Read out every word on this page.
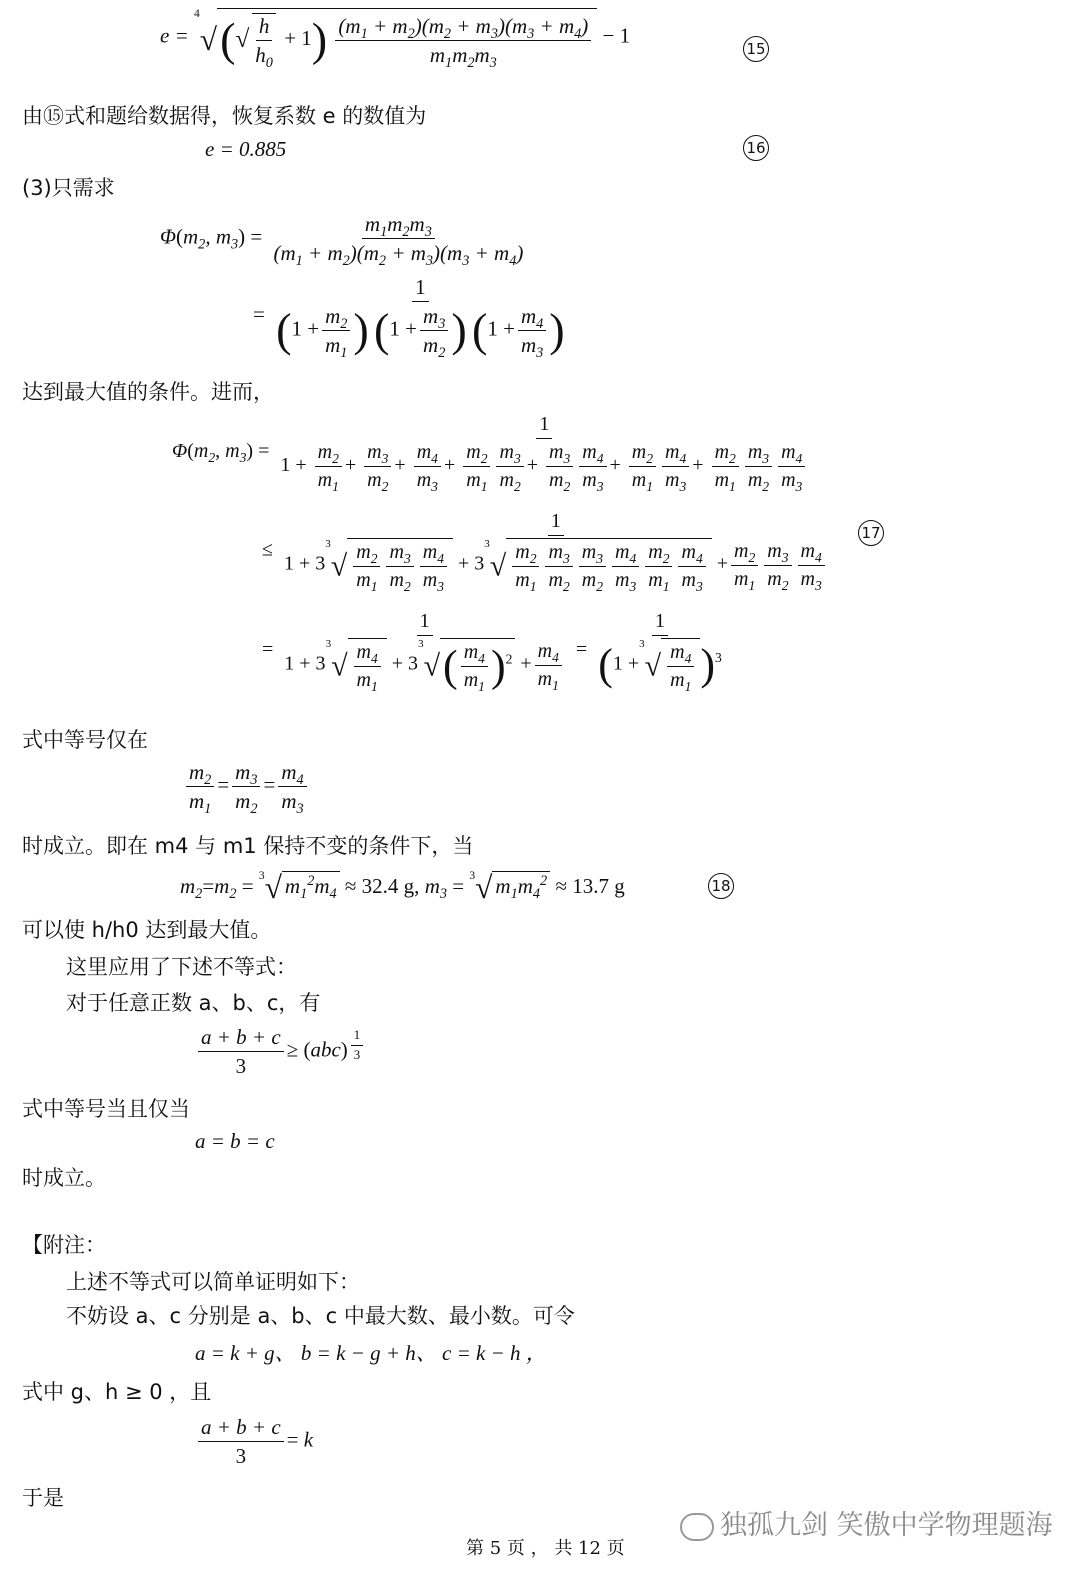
$e = ^4√(√ \frac{h}{h_0} + 1) \frac{(m_1 + m_2)(m_2 + m_3)(m_3 + m_4)}{m_1m_2m_3} - 1$
15
由⑮式和题给数据得，恢复系数 e 的数值为
e = 0.885	16
(3)只需求
$\Phi(m_2$, $m_3) = \frac{m_1m_2m_3}{(m_1 + m_2)(m_2 + m_3)(m_3 + m_4)}$
= $\frac{1}{(1 + \frac{m_2}{m_1} ) (1 + \frac{m_3}{m_2} ) (1 + \frac{m_4}{m_3} )}$
达到最大值的条件。进而，
$\Phi(m_2$, $m_3$) =
1
$1 + \frac{m_2}{m_1} + \frac{m_3}{m_2} + \frac{m_4}{m_3} + \frac{m_2}{m_1} \frac{m_3}{m_2} + \frac{m_3}{m_2} \frac{m_4}{m_3} + \frac{m_2}{m_1} \frac{m_4}{m_3} + \frac{m_2}{m_1} \frac{m_3}{m_2} \frac{m_4}{m_3}$
≤
1
$1 + 3^3√ \frac{m_2}{m_1} \frac{m_3}{m_2} \frac{m_4}{m_3} + 3^3√ \frac{m_2}{m_1} \frac{m_3}{m_2} \frac{m_3}{m_2} \frac{m_4}{m_3} \frac{m_2}{m_1} \frac{m_4}{m_3} + \frac{m_2}{m_1} \frac{m_3}{m_2} \frac{m_4}{m_3}$
17
= $\frac{1}{1 + 3^3√ \frac{m_4}{m_1} + 3^3√( \frac{m_4}{m_1} )^2 + \frac{m_4}{m_1}} = \frac{1}{(1 +^3√ \frac{m_4}{m_1} )^3}$
式中等号仅在
$\frac{m_2}{m_1} = \frac{m_3}{m_2} = \frac{m_4}{m_3}$
时成立。即在 m4 与 m1 保持不变的条件下，当
$m_2=m_2 = ^3√$ $m_1^2m_4 \approx 32.4$ g, $m_3 = ^3√$ $m_1m_4^2 \approx 13.7$ g	18
可以使 h/h0 达到最大值。
这里应用了下述不等式：
对于任意正数 a、b、c，有
$\frac{a + b + c}{3} \ge (abc)$ $^{\frac{1}{3}}$
式中等号当且仅当
a = b = c
时成立。
【附注：
上述不等式可以简单证明如下：
不妨设 a、c 分别是 a、b、c 中最大数、最小数。可令
a = k + g、 b = k − g + h、 c = k − h ，
式中 g、h ≥ 0 ，且
$\frac{a + b + c}{3} = k$
于是
独孤九剑 笑傲中学物理题海
第 5 页 ， 共 12 页
